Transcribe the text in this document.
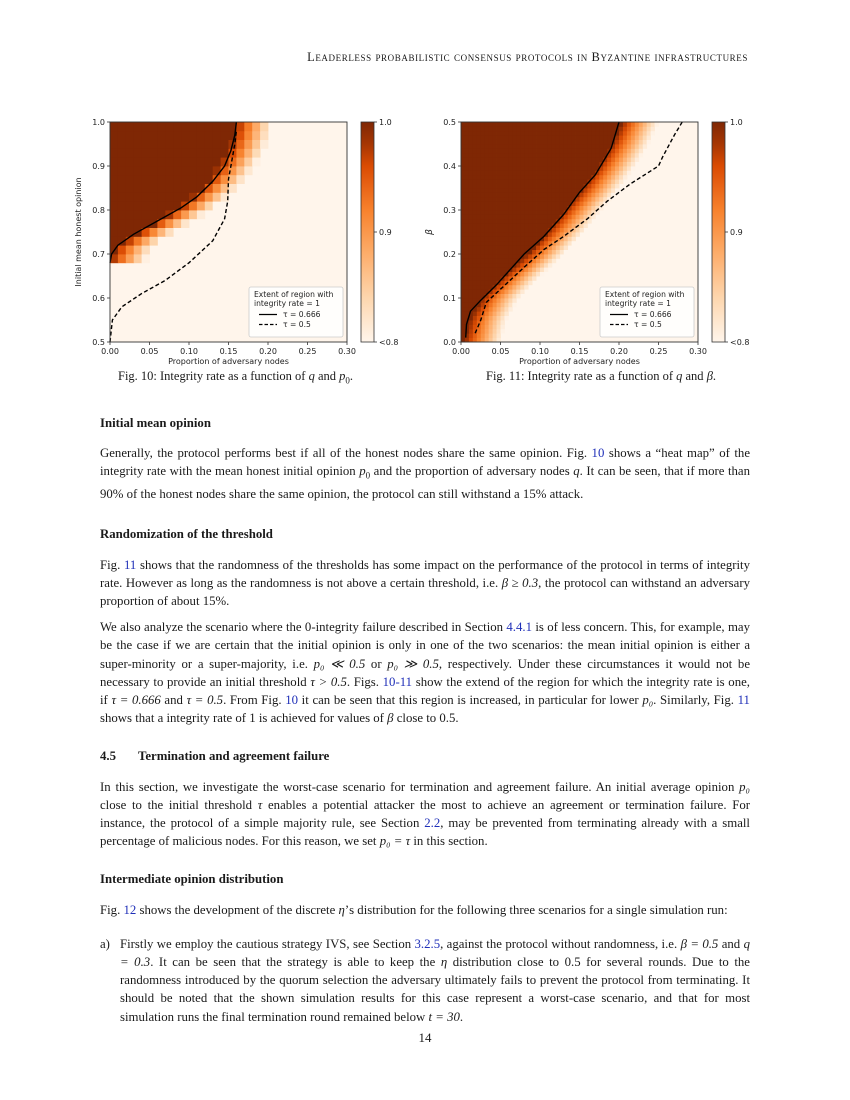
Leaderless probabilistic consensus protocols in Byzantine infrastructures
0.00	0.05	0.10	0.15	0.20	0.25	0.30
0.5
0.6
0.7
0.8
0.9
1.0
Proportion of adversary nodes
Initial mean honest opinion
Extent of region with
integrity rate = 1
τ = 0.666
τ = 0.5
1.0
0.9
<0.8
Fig. 10: Integrity rate as a function of q and $p_0$.
0.00	0.05	0.10	0.15	0.20	0.25	0.30
0.0
0.1
0.2
0.3
0.4
0.5
Proportion of adversary nodes
β
Extent of region with
integrity rate = 1
τ = 0.666
τ = 0.5
1.0
0.9
<0.8
Fig. 11: Integrity rate as a function of q and β.
Initial mean opinion

Generally, the protocol performs best if all of the honest nodes share the same opinion. Fig. 10 shows a “heat map” of the integrity rate with the mean honest initial opinion $p_0$ and the proportion of adversary nodes q. It can be seen, that if more than 90% of the honest nodes share the same opinion, the protocol can still withstand a 15% attack.

Randomization of the threshold

Fig. 11 shows that the randomness of the thresholds has some impact on the performance of the protocol in terms of integrity rate. However as long as the randomness is not above a certain threshold, i.e. β ≥ 0.3, the protocol can withstand an adversary proportion of about 15%.

We also analyze the scenario where the 0-integrity failure described in Section 4.4.1 is of less concern. This, for example, may be the case if we are certain that the initial opinion is only in one of the two scenarios: the mean initial opinion is either a super-minority or a super-majority, i.e. p₀ ≪ 0.5 or p₀ ≫ 0.5, respectively. Under these circumstances it would not be necessary to provide an initial threshold τ > 0.5. Figs. 10-11 show the extend of the region for which the integrity rate is one, if τ = 0.666 and τ = 0.5. From Fig. 10 it can be seen that this region is increased, in particular for lower p₀. Similarly, Fig. 11 shows that a integrity rate of 1 is achieved for values of β close to 0.5.

4.5 Termination and agreement failure

In this section, we investigate the worst-case scenario for termination and agreement failure. An initial average opinion p₀ close to the initial threshold τ enables a potential attacker the most to achieve an agreement or termination failure. For instance, the protocol of a simple majority rule, see Section 2.2, may be prevented from terminating already with a small percentage of malicious nodes. For this reason, we set p₀ = τ in this section.

Intermediate opinion distribution

Fig. 12 shows the development of the discrete η’s distribution for the following three scenarios for a single simulation run:

a) Firstly we employ the cautious strategy IVS, see Section 3.2.5, against the protocol without randomness, i.e. β = 0.5 and q = 0.3. It can be seen that the strategy is able to keep the η distribution close to 0.5 for several rounds. Due to the randomness introduced by the quorum selection the adversary ultimately fails to prevent the protocol from terminating. It should be noted that the shown simulation results for this case represent a worst-case scenario, and that for most simulation runs the final termination round remained below t = 30.

14
